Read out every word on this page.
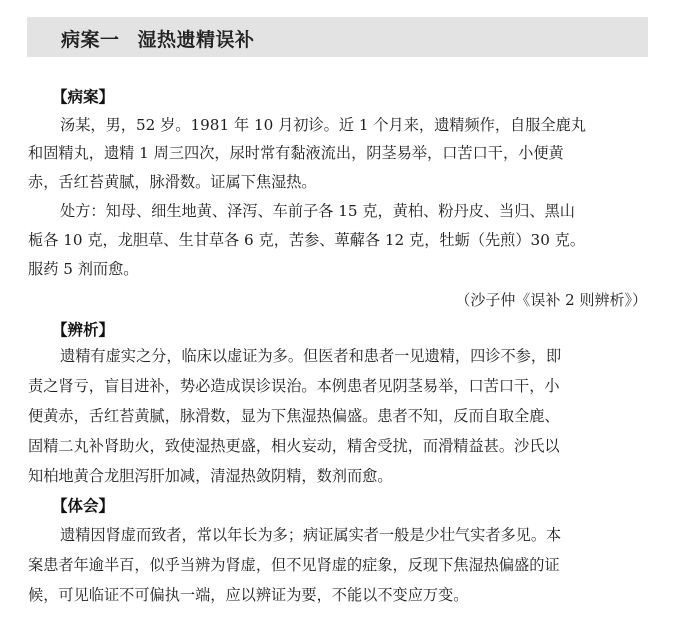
病案一 湿热遗精误补
【病案】
汤某，男，52 岁。1981 年 10 月初诊。近 1 个月来，遗精频作，自服全鹿丸
和固精丸，遗精 1 周三四次，尿时常有黏液流出，阴茎易举，口苦口干，小便黄
赤，舌红苔黄腻，脉滑数。证属下焦湿热。
处方：知母、细生地黄、泽泻、车前子各 15 克，黄柏、粉丹皮、当归、黑山
栀各 10 克，龙胆草、生甘草各 6 克，苦参、萆薢各 12 克，牡蛎（先煎）30 克。
服药 5 剂而愈。
（沙子仲《误补 2 则辨析》）
【辨析】
遗精有虚实之分，临床以虚证为多。但医者和患者一见遗精，四诊不参，即
责之肾亏，盲目进补，势必造成误诊误治。本例患者见阴茎易举，口苦口干，小
便黄赤，舌红苔黄腻，脉滑数，显为下焦湿热偏盛。患者不知，反而自取全鹿、
固精二丸补肾助火，致使湿热更盛，相火妄动，精舍受扰，而滑精益甚。沙氏以
知柏地黄合龙胆泻肝加减，清湿热敛阴精，数剂而愈。
【体会】
遗精因肾虚而致者，常以年长为多；病证属实者一般是少壮气实者多见。本
案患者年逾半百，似乎当辨为肾虚，但不见肾虚的症象，反现下焦湿热偏盛的证
候，可见临证不可偏执一端，应以辨证为要，不能以不变应万变。
